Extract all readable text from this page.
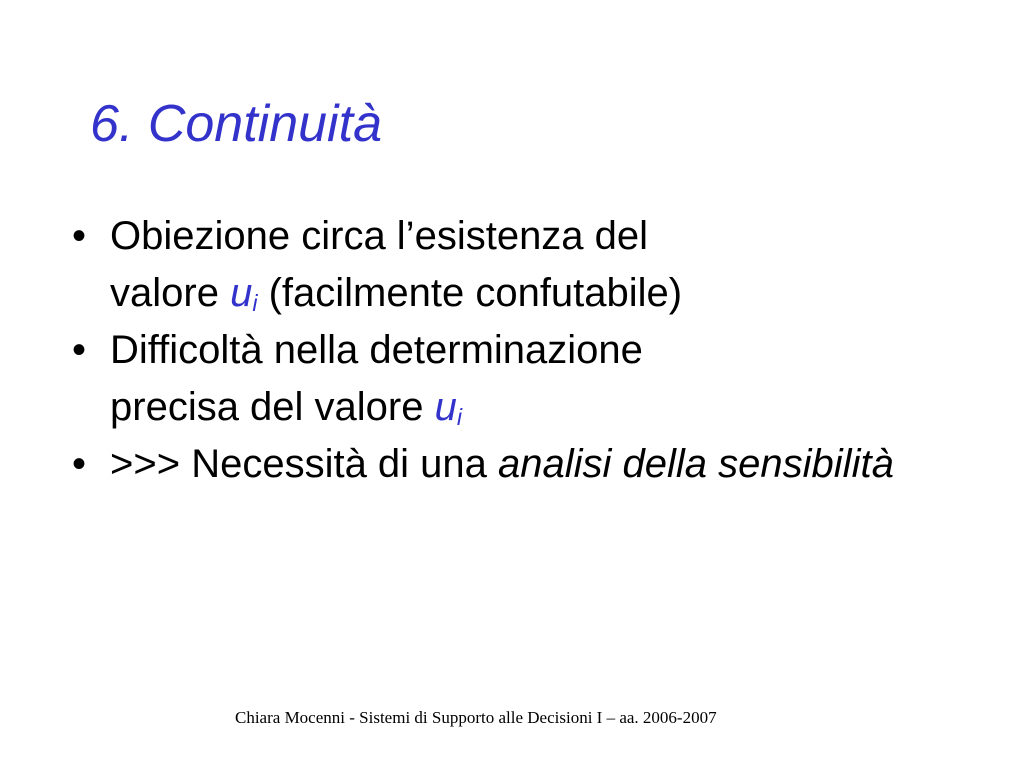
6. Continuità
• Obiezione circa l’esistenza del
valore $u_i$ (facilmente confutabile)
• Difficoltà nella determinazione
precisa del valore $u_i$
• >>> Necessità di una analisi della sensibilità

Chiara Mocenni - Sistemi di Supporto alle Decisioni I – aa. 2006-2007
